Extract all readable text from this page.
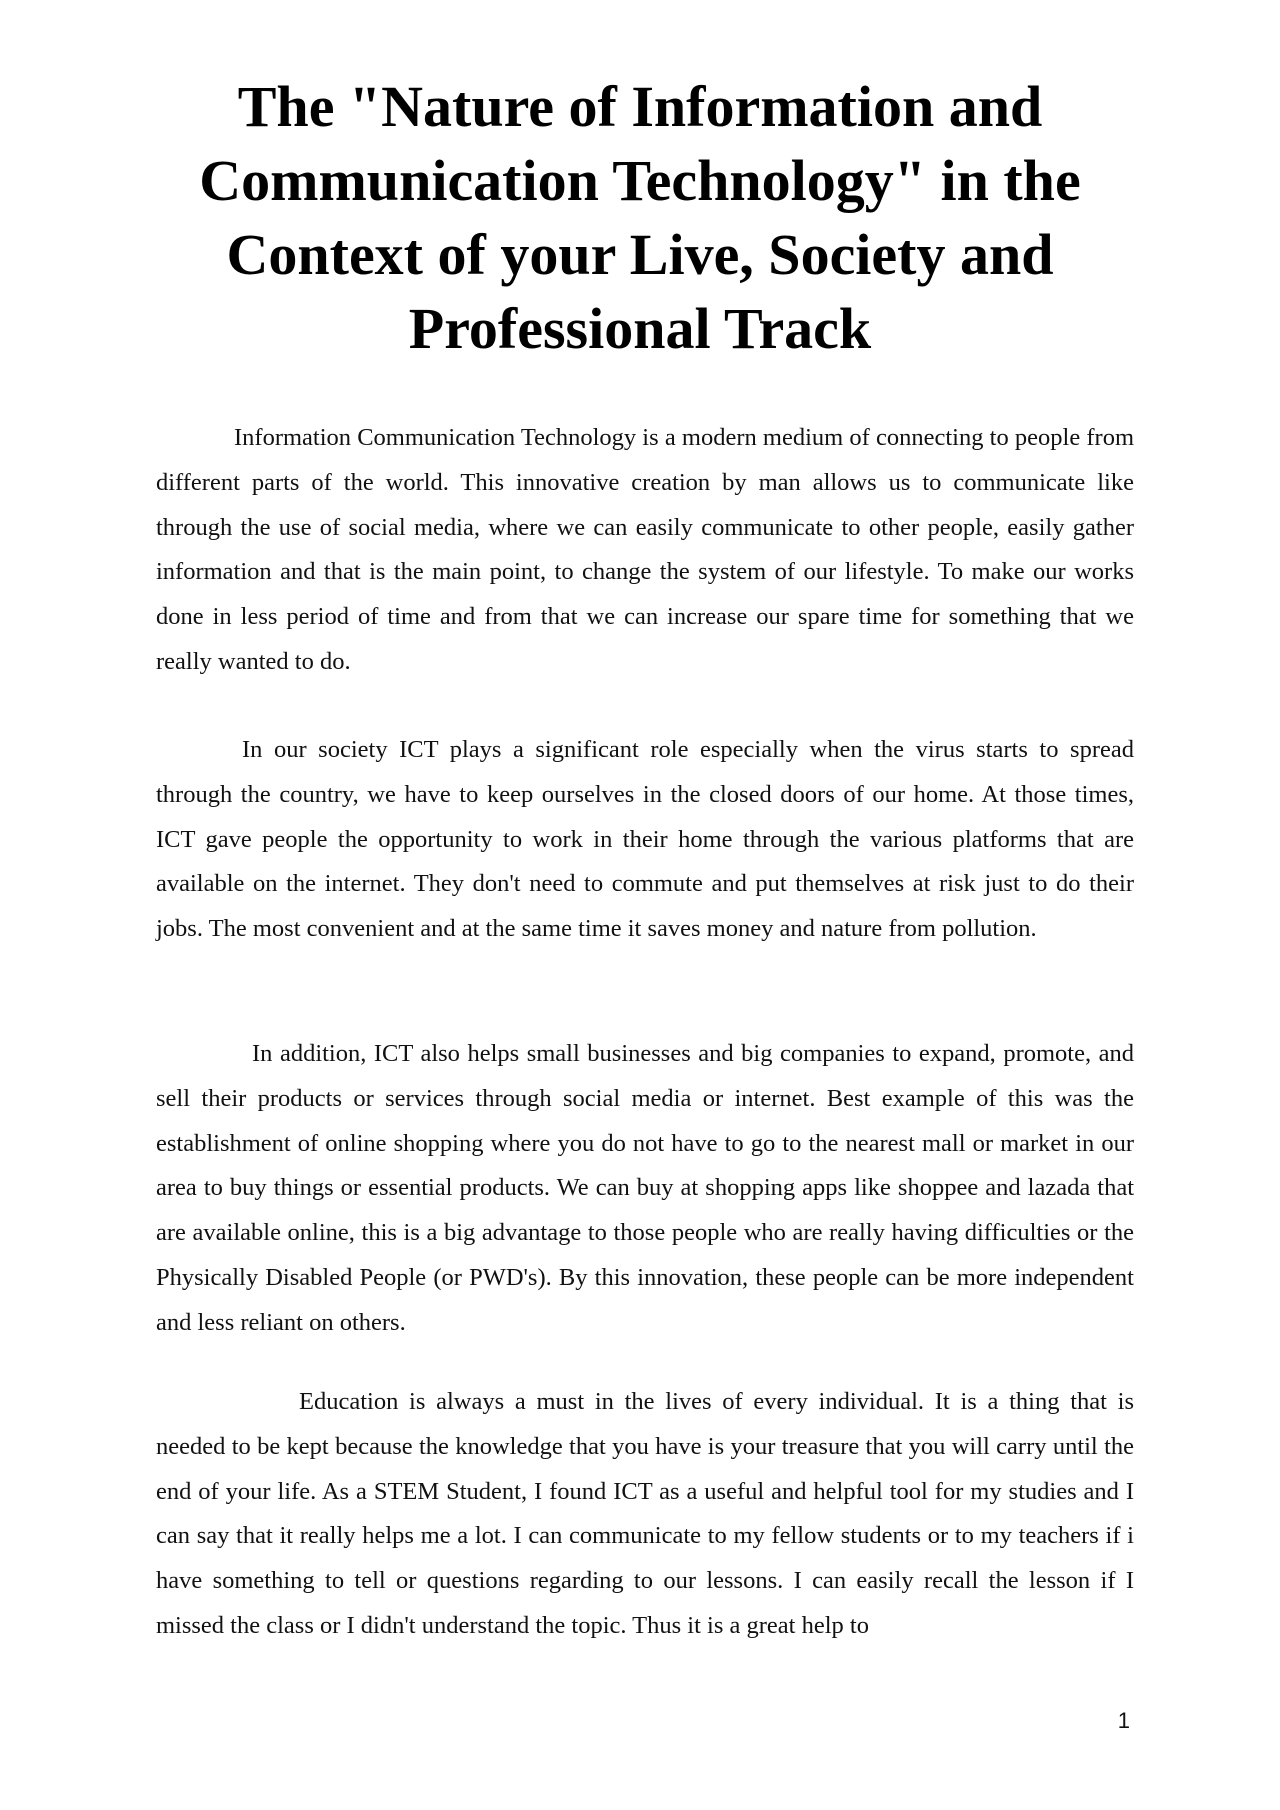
The "Nature of Information and Communication Technology" in the Context of your Live, Society and Professional Track

Information Communication Technology is a modern medium of connecting to people from different parts of the world. This innovative creation by man allows us to communicate like through the use of social media, where we can easily communicate to other people, easily gather information and that is the main point, to change the system of our lifestyle. To make our works done in less period of time and from that we can increase our spare time for something that we really wanted to do.

In our society ICT plays a significant role especially when the virus starts to spread through the country, we have to keep ourselves in the closed doors of our home. At those times, ICT gave people the opportunity to work in their home through the various platforms that are available on the internet. They don't need to commute and put themselves at risk just to do their jobs. The most convenient and at the same time it saves money and nature from pollution.

In addition, ICT also helps small businesses and big companies to expand, promote, and sell their products or services through social media or internet. Best example of this was the establishment of online shopping where you do not have to go to the nearest mall or market in our area to buy things or essential products. We can buy at shopping apps like shoppee and lazada that are available online, this is a big advantage to those people who are really having difficulties or the Physically Disabled People (or PWD's). By this innovation, these people can be more independent and less reliant on others.

Education is always a must in the lives of every individual. It is a thing that is needed to be kept because the knowledge that you have is your treasure that you will carry until the end of your life. As a STEM Student, I found ICT as a useful and helpful tool for my studies and I can say that it really helps me a lot. I can communicate to my fellow students or to my teachers if i have something to tell or questions regarding to our lessons. I can easily recall the lesson if I missed the class or I didn't understand the topic. Thus it is a great help to

1
